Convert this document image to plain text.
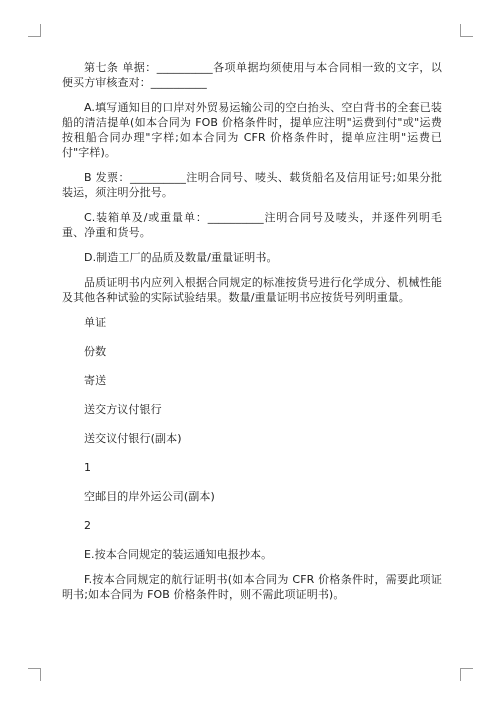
第七条 单据：__________各项单据均须使用与本合同相一致的文字，以便买方审核查对：__________

A.填写通知目的口岸对外贸易运输公司的空白抬头、空白背书的全套已装船的清洁提单(如本合同为 FOB 价格条件时，提单应注明"运费到付"或"运费按租船合同办理"字样;如本合同为 CFR 价格条件时，提单应注明"运费已付"字样)。

B 发票：__________注明合同号、唛头、载货船名及信用证号;如果分批装运，须注明分批号。

C.装箱单及/或重量单：__________注明合同号及唛头，并逐件列明毛重、净重和货号。

D.制造工厂的品质及数量/重量证明书。

品质证明书内应列入根据合同规定的标准按货号进行化学成分、机械性能及其他各种试验的实际试验结果。数量/重量证明书应按货号列明重量。

单证

份数

寄送

送交方议付银行

送交议付银行(副本)

1

空邮目的岸外运公司(副本)

2

E.按本合同规定的装运通知电报抄本。

F.按本合同规定的航行证明书(如本合同为 CFR 价格条件时，需要此项证明书;如本合同为 FOB 价格条件时，则不需此项证明书)。
